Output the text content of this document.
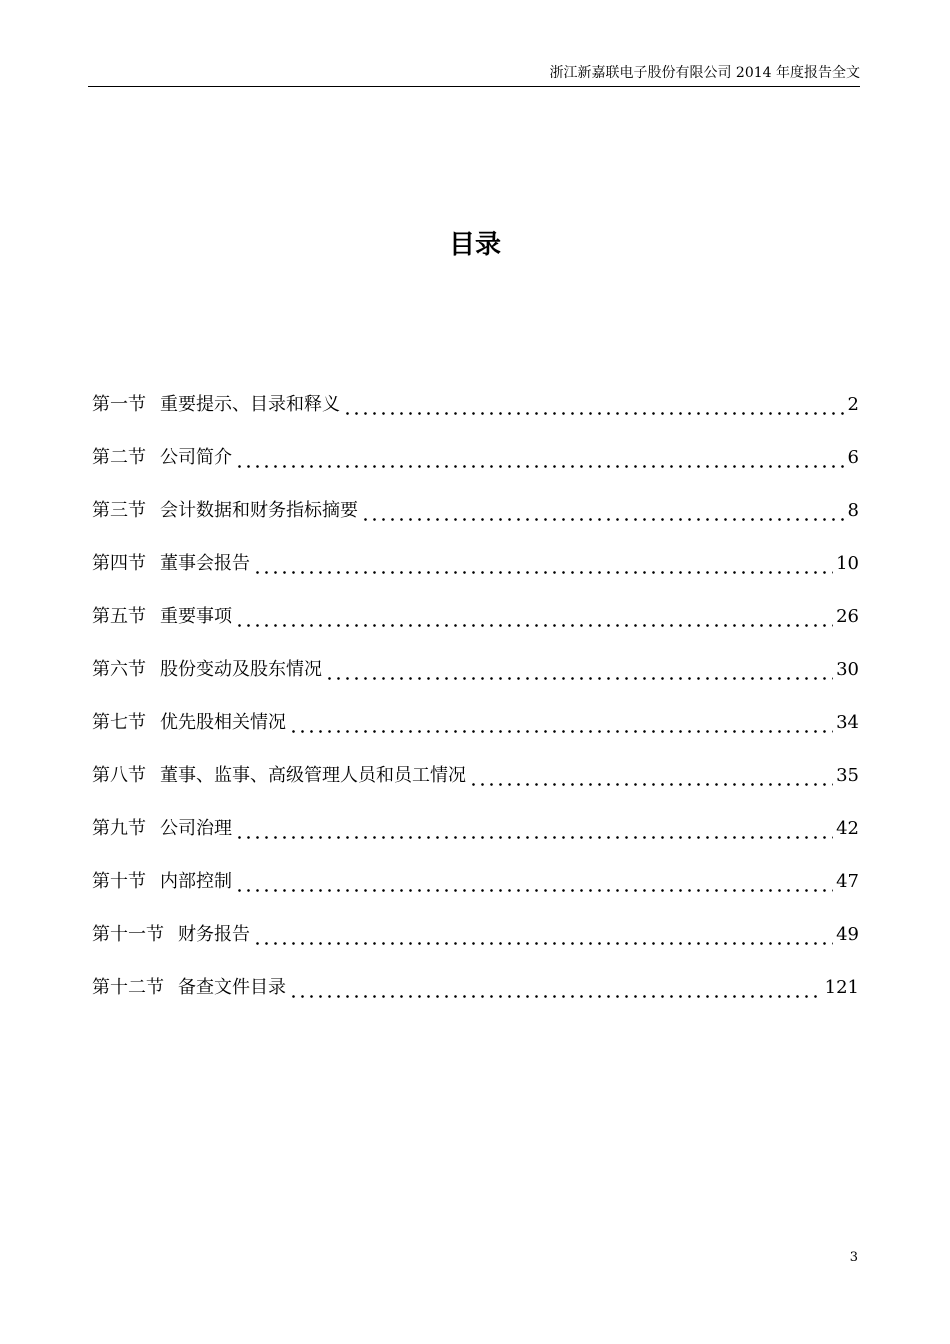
浙江新嘉联电子股份有限公司 2014 年度报告全文
目录
第一节 重要提示、目录和释义	2
第二节 公司简介	6
第三节 会计数据和财务指标摘要	8
第四节 董事会报告	10
第五节 重要事项	26
第六节 股份变动及股东情况	30
第七节 优先股相关情况	34
第八节 董事、监事、高级管理人员和员工情况	35
第九节 公司治理	42
第十节 内部控制	47
第十一节 财务报告	49
第十二节 备查文件目录	121
3
